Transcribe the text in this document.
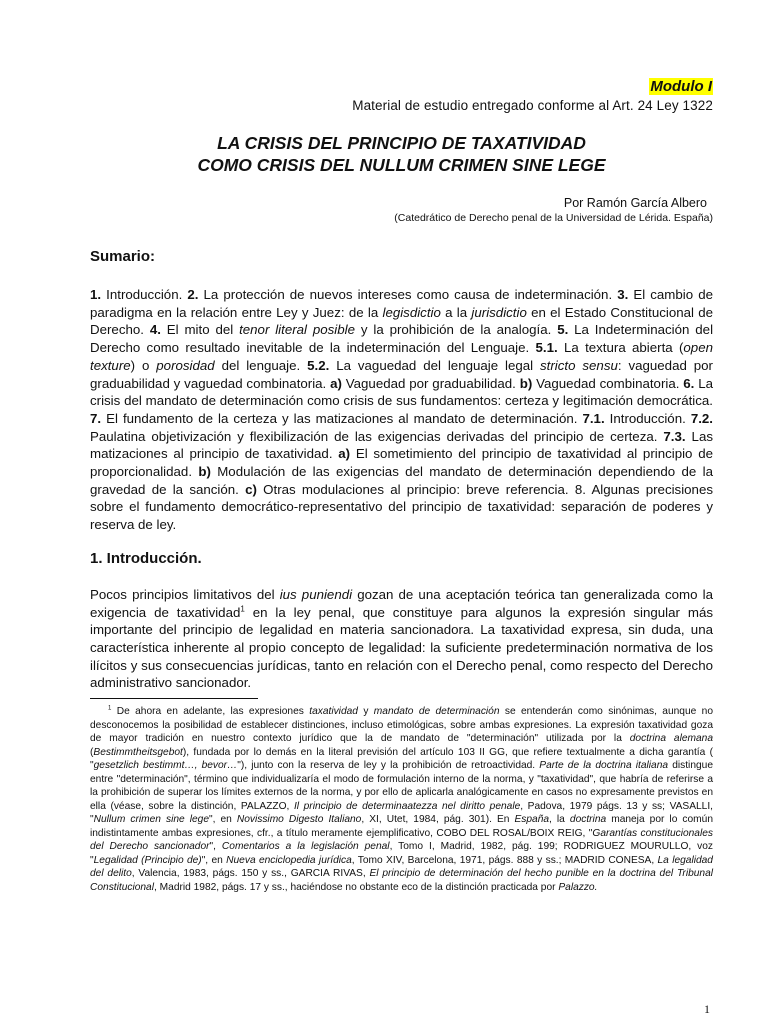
Modulo I
Material de estudio entregado conforme al Art. 24 Ley 1322
LA CRISIS DEL PRINCIPIO DE TAXATIVIDAD
COMO CRISIS DEL NULLUM CRIMEN SINE LEGE
Por Ramón García Albero
(Catedrático de Derecho penal de la Universidad de Lérida. España)
Sumario:
1. Introducción. 2. La protección de nuevos intereses como causa de indeterminación. 3. El cambio de paradigma en la relación entre Ley y Juez: de la legisdictio a la jurisdictio en el Estado Constitucional de Derecho. 4. El mito del tenor literal posible y la prohibición de la analogía. 5. La Indeterminación del Derecho como resultado inevitable de la indeterminación del Lenguaje. 5.1. La textura abierta (open texture) o porosidad del lenguaje. 5.2. La vaguedad del lenguaje legal stricto sensu: vaguedad por graduabilidad y vaguedad combinatoria. a) Vaguedad por graduabilidad. b) Vaguedad combinatoria. 6. La crisis del mandato de determinación como crisis de sus fundamentos: certeza y legitimación democrática. 7. El fundamento de la certeza y las matizaciones al mandato de determinación. 7.1. Introducción. 7.2. Paulatina objetivización y flexibilización de las exigencias derivadas del principio de certeza. 7.3. Las matizaciones al principio de taxatividad. a) El sometimiento del principio de taxatividad al principio de proporcionalidad. b) Modulación de las exigencias del mandato de determinación dependiendo de la gravedad de la sanción. c) Otras modulaciones al principio: breve referencia. 8. Algunas precisiones sobre el fundamento democrático-representativo del principio de taxatividad: separación de poderes y reserva de ley.
1. Introducción.
Pocos principios limitativos del ius puniendi gozan de una aceptación teórica tan generalizada como la exigencia de taxatividad$^1$ en la ley penal, que constituye para algunos la expresión singular más importante del principio de legalidad en materia sancionadora. La taxatividad expresa, sin duda, una característica inherente al propio concepto de legalidad: la suficiente predeterminación normativa de los ilícitos y sus consecuencias jurídicas, tanto en relación con el Derecho penal, como respecto del Derecho administrativo sancionador.
$^1$ De ahora en adelante, las expresiones taxatividad y mandato de determinación se entenderán como sinónimas, aunque no desconocemos la posibilidad de establecer distinciones, incluso etimológicas, sobre ambas expresiones. La expresión taxatividad goza de mayor tradición en nuestro contexto jurídico que la de mandato de "determinación" utilizada por la doctrina alemana (Bestimmtheitsgebot), fundada por lo demás en la literal previsión del artículo 103 II GG, que refiere textualmente a dicha garantía ( "gesetzlich bestimmt…, bevor…"), junto con la reserva de ley y la prohibición de retroactividad. Parte de la doctrina italiana distingue entre "determinación", término que individualizaría el modo de formulación interno de la norma, y "taxatividad", que habría de referirse a la prohibición de superar los límites externos de la norma, y por ello de aplicarla analógicamente en casos no expresamente previstos en ella (véase, sobre la distinción, PALAZZO, Il principio de determinaatezza nel diritto penale, Padova, 1979 págs. 13 y ss; VASALLI, "Nullum crimen sine lege", en Novissimo Digesto Italiano, XI, Utet, 1984, pág. 301). En España, la doctrina maneja por lo común indistintamente ambas expresiones, cfr., a título meramente ejemplificativo, COBO DEL ROSAL/BOIX REIG, "Garantías constitucionales del Derecho sancionador", Comentarios a la legislación penal, Tomo I, Madrid, 1982, pág. 199; RODRIGUEZ MOURULLO, voz "Legalidad (Principio de)", en Nueva enciclopedia jurídica, Tomo XIV, Barcelona, 1971, págs. 888 y ss.; MADRID CONESA, La legalidad del delito, Valencia, 1983, págs. 150 y ss., GARCIA RIVAS, El principio de determinación del hecho punible en la doctrina del Tribunal Constitucional, Madrid 1982, págs. 17 y ss., haciéndose no obstante eco de la distinción practicada por Palazzo.
1
